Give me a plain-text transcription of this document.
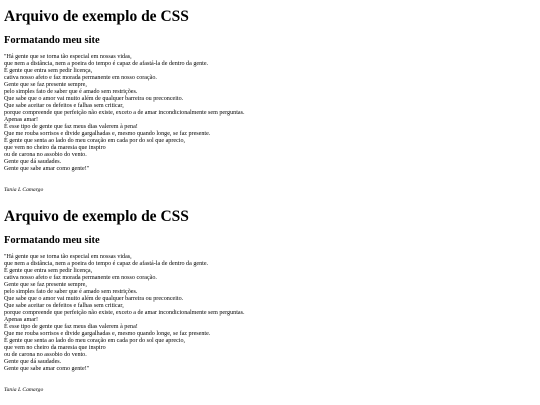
Arquivo de exemplo de CSS
Formatando meu site
"Há gente que se torna tão especial em nossas vidas,
que nem a distância, nem a poeira do tempo é capaz de afastá-la de dentro da gente.
É gente que entra sem pedir licença,
cativa nosso afeto e faz morada permanente em nosso coração.
Gente que se faz presente sempre,
pelo simples fato de saber que é amado sem restrições.
Que sabe que o amor vai muito além de qualquer barreira ou preconceito.
Que sabe aceitar os defeitos e falhas sem criticar,
porque compreende que perfeição não existe, exceto a de amar incondicionalmente sem perguntas.
Apenas amar!
É esse tipo de gente que faz meus dias valerem à pena!
Que me rouba sorrisos e divide gargalhadas e, mesmo quando longe, se faz presente.
É gente que senta ao lado do meu coração em cada por do sol que aprecio,
que vem no cheiro da maresia que inspiro
ou de carona no assobio do vento.
Gente que dá saudades.
Gente que sabe amar como gente!"
Tania L Camargo
Arquivo de exemplo de CSS
Formatando meu site
"Há gente que se torna tão especial em nossas vidas,
que nem a distância, nem a poeira do tempo é capaz de afastá-la de dentro da gente.
É gente que entra sem pedir licença,
cativa nosso afeto e faz morada permanente em nosso coração.
Gente que se faz presente sempre,
pelo simples fato de saber que é amado sem restrições.
Que sabe que o amor vai muito além de qualquer barreira ou preconceito.
Que sabe aceitar os defeitos e falhas sem criticar,
porque compreende que perfeição não existe, exceto a de amar incondicionalmente sem perguntas.
Apenas amar!
É esse tipo de gente que faz meus dias valerem à pena!
Que me rouba sorrisos e divide gargalhadas e, mesmo quando longe, se faz presente.
É gente que senta ao lado do meu coração em cada por do sol que aprecio,
que vem no cheiro da maresia que inspiro
ou de carona no assobio do vento.
Gente que dá saudades.
Gente que sabe amar como gente!"
Tania L Camargo
